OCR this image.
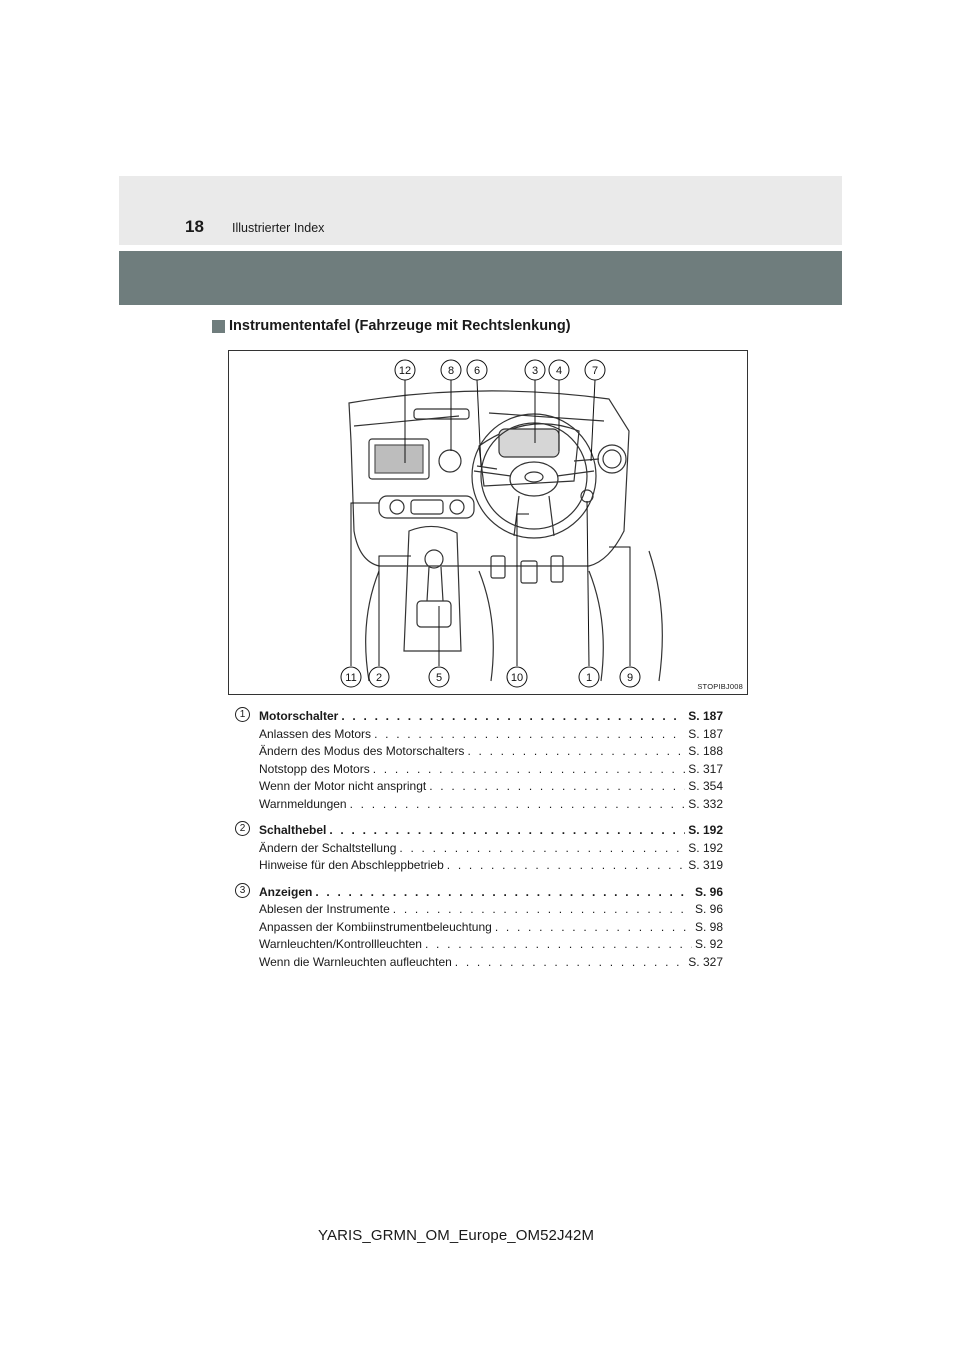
18 Illustrierter Index
Instrumententafel (Fahrzeuge mit Rechtslenkung)
12	8 6	3 4	7
11 2	5	10	1	9
STOPIBJ008
1	Motorschalter . . .	S. 187
Anlassen des Motors . . .	S. 187
Ändern des Modus des Motorschalters . . .	S. 188
Notstopp des Motors . . .	S. 317
Wenn der Motor nicht anspringt . . .	S. 354
Warnmeldungen . . .	S. 332
2	Schalthebel . . .	S. 192
Ändern der Schaltstellung . . .	S. 192
Hinweise für den Abschleppbetrieb . . .	S. 319
3	Anzeigen . . .	S. 96
Ablesen der Instrumente . . .	S. 96
Anpassen der Kombiinstrumentbeleuchtung . . .	S. 98
Warnleuchten/Kontrollleuchten . . .	S. 92
Wenn die Warnleuchten aufleuchten . . .	S. 327
YARIS_GRMN_OM_Europe_OM52J42M
